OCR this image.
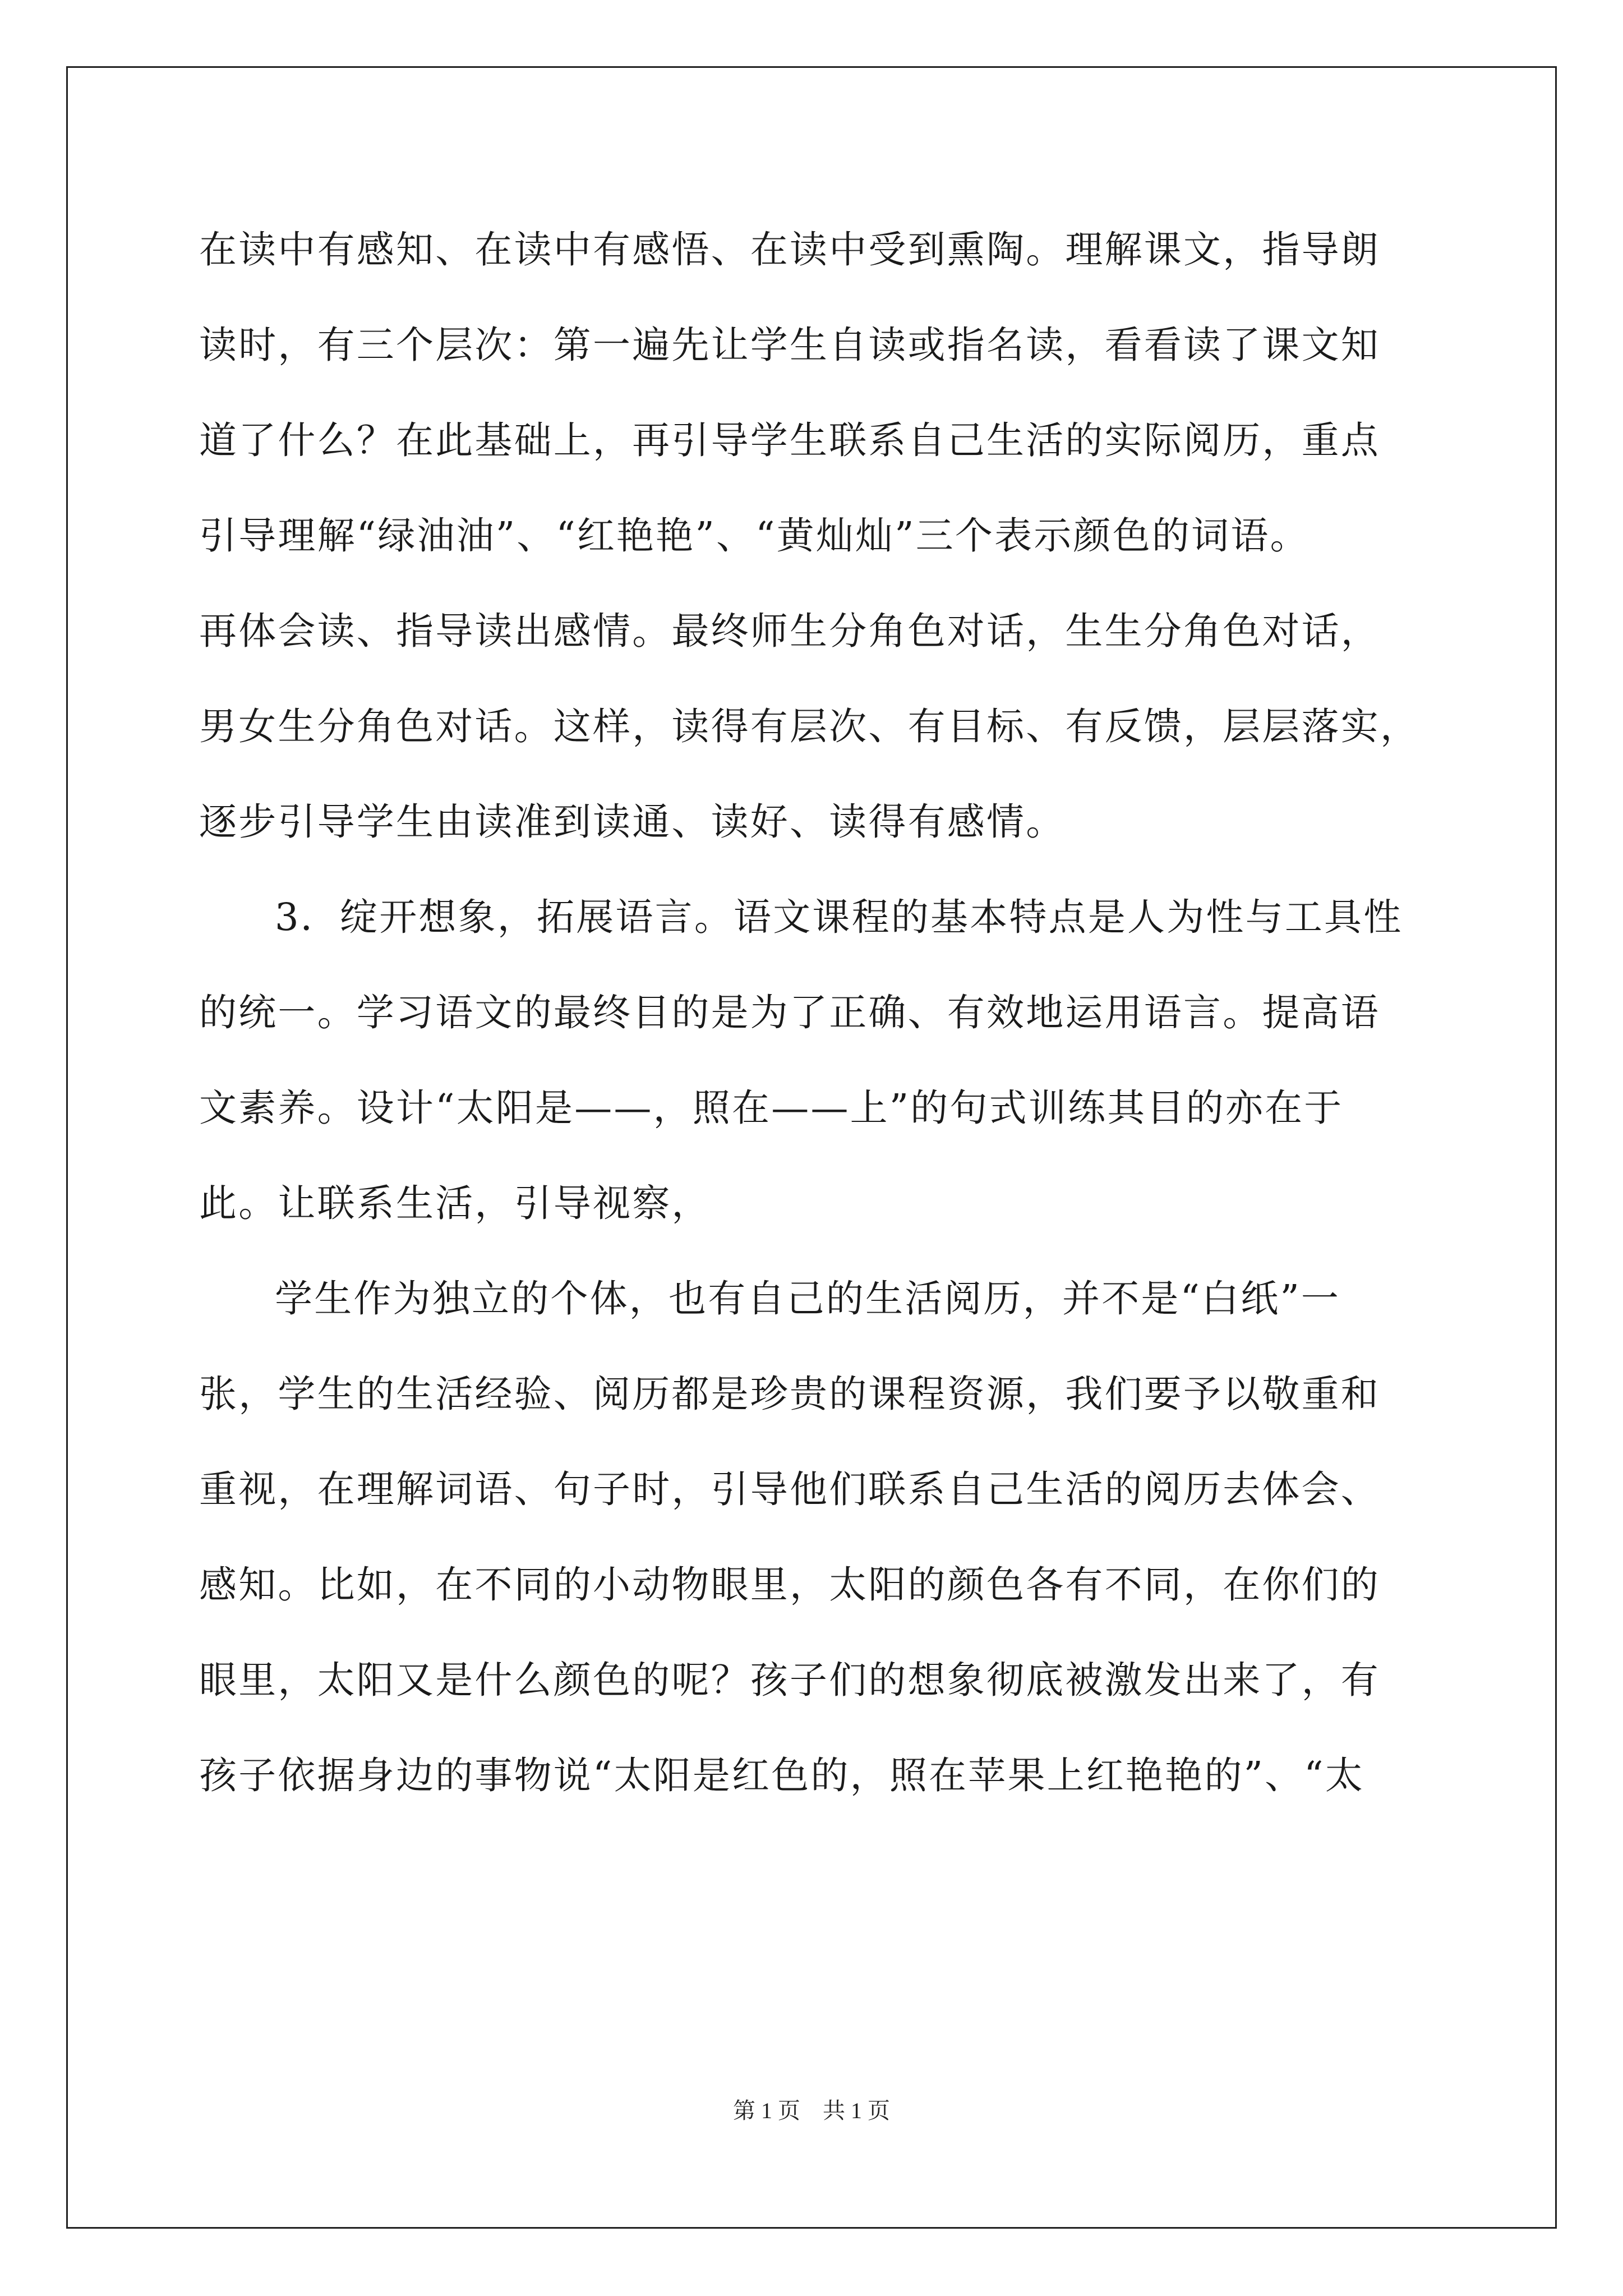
在读中有感知、在读中有感悟、在读中受到熏陶。理解课文，指导朗
读时，有三个层次：第一遍先让学生自读或指名读，看看读了课文知
道了什么？在此基础上，再引导学生联系自己生活的实际阅历，重点
引导理解“绿油油”、“红艳艳”、“黄灿灿”三个表示颜色的词语。
再体会读、指导读出感情。最终师生分角色对话，生生分角色对话，
男女生分角色对话。这样，读得有层次、有目标、有反馈，层层落实，
逐步引导学生由读准到读通、读好、读得有感情。
3．绽开想象，拓展语言。语文课程的基本特点是人为性与工具性
的统一。学习语文的最终目的是为了正确、有效地运用语言。提高语
文素养。设计“太阳是——，照在——上”的句式训练其目的亦在于
此。让联系生活，引导视察，
学生作为独立的个体，也有自己的生活阅历，并不是“白纸”一
张，学生的生活经验、阅历都是珍贵的课程资源，我们要予以敬重和
重视，在理解词语、句子时，引导他们联系自己生活的阅历去体会、
感知。比如，在不同的小动物眼里，太阳的颜色各有不同，在你们的
眼里，太阳又是什么颜色的呢？孩子们的想象彻底被激发出来了，有
孩子依据身边的事物说“太阳是红色的，照在苹果上红艳艳的”、“太
第 1 页　共 1 页
